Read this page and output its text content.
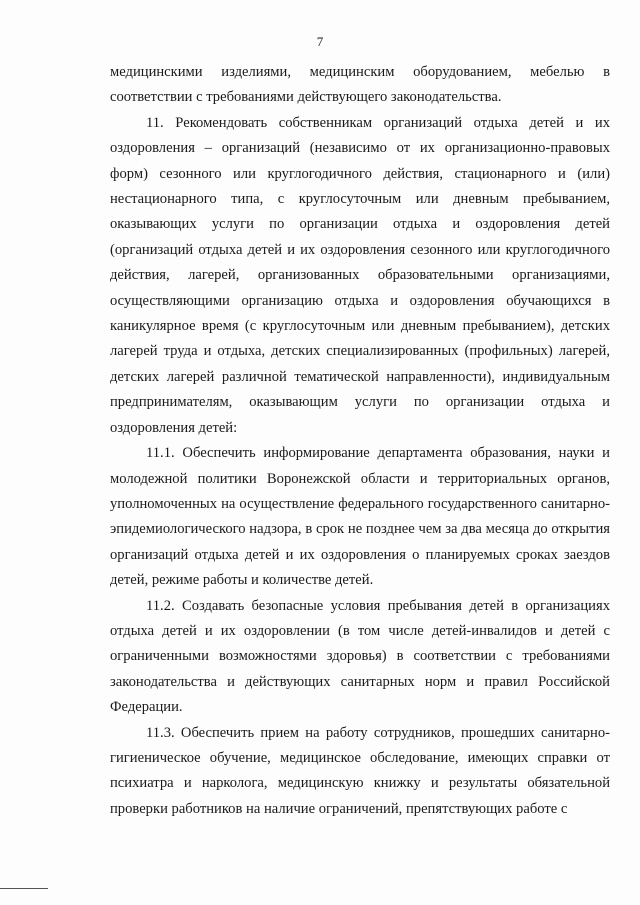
7

медицинскими изделиями, медицинским оборудованием, мебелью в соответствии с требованиями действующего законодательства.

11. Рекомендовать собственникам организаций отдыха детей и их оздоровления – организаций (независимо от их организационно-правовых форм) сезонного или круглогодичного действия, стационарного и (или) нестационарного типа, с круглосуточным или дневным пребыванием, оказывающих услуги по организации отдыха и оздоровления детей (организаций отдыха детей и их оздоровления сезонного или круглогодичного действия, лагерей, организованных образовательными организациями, осуществляющими организацию отдыха и оздоровления обучающихся в каникулярное время (с круглосуточным или дневным пребыванием), детских лагерей труда и отдыха, детских специализированных (профильных) лагерей, детских лагерей различной тематической направленности), индивидуальным предпринимателям, оказывающим услуги по организации отдыха и оздоровления детей:

11.1. Обеспечить информирование департамента образования, науки и молодежной политики Воронежской области и территориальных органов, уполномоченных на осуществление федерального государственного санитарно-эпидемиологического надзора, в срок не позднее чем за два месяца до открытия организаций отдыха детей и их оздоровления о планируемых сроках заездов детей, режиме работы и количестве детей.

11.2. Создавать безопасные условия пребывания детей в организациях отдыха детей и их оздоровлении (в том числе детей-инвалидов и детей с ограниченными возможностями здоровья) в соответствии с требованиями законодательства и действующих санитарных норм и правил Российской Федерации.

11.3. Обеспечить прием на работу сотрудников, прошедших санитарно-гигиеническое обучение, медицинское обследование, имеющих справки от психиатра и нарколога, медицинскую книжку и результаты обязательной проверки работников на наличие ограничений, препятствующих работе с
